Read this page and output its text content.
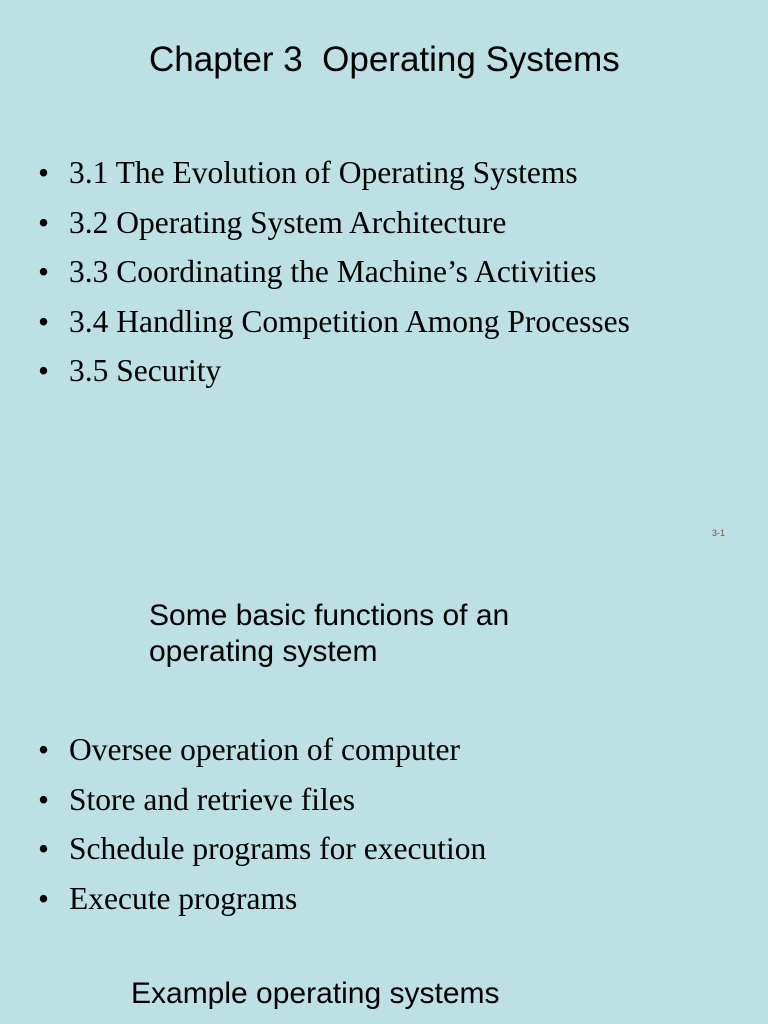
Chapter 3  Operating Systems
• 3.1 The Evolution of Operating Systems
• 3.2 Operating System Architecture
• 3.3 Coordinating the Machine’s Activities
• 3.4 Handling Competition Among Processes
• 3.5 Security
3-1
Some basic functions of an operating system
• Oversee operation of computer
• Store and retrieve files
• Schedule programs for execution
• Execute programs
Example operating systems
